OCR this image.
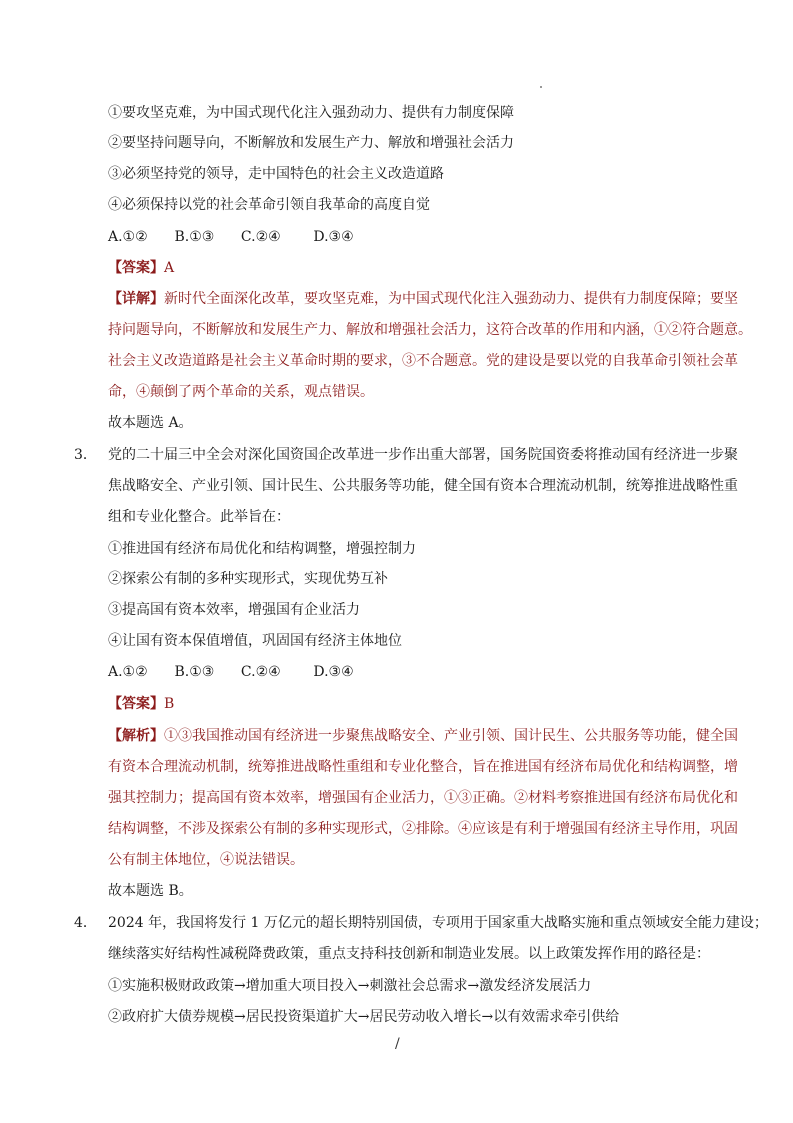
①要攻坚克难，为中国式现代化注入强劲动力、提供有力制度保障
②要坚持问题导向，不断解放和发展生产力、解放和增强社会活力
③必须坚持党的领导，走中国特色的社会主义改造道路
④必须保持以党的社会革命引领自我革命的高度自觉
A.①② B.①③ C.②④ D.③④
【答案】A
【详解】新时代全面深化改革，要攻坚克难，为中国式现代化注入强劲动力、提供有力制度保障；要坚
持问题导向，不断解放和发展生产力、解放和增强社会活力，这符合改革的作用和内涵，①②符合题意。
社会主义改造道路是社会主义革命时期的要求，③不合题意。党的建设是要以党的自我革命引领社会革
命，④颠倒了两个革命的关系，观点错误。
故本题选 A。
3． 党的二十届三中全会对深化国资国企改革进一步作出重大部署，国务院国资委将推动国有经济进一步聚
焦战略安全、产业引领、国计民生、公共服务等功能，健全国有资本合理流动机制，统筹推进战略性重
组和专业化整合。此举旨在：
①推进国有经济布局优化和结构调整，增强控制力
②探索公有制的多种实现形式，实现优势互补
③提高国有资本效率，增强国有企业活力
④让国有资本保值增值，巩固国有经济主体地位
A.①② B.①③ C.②④ D.③④
【答案】B
【解析】①③我国推动国有经济进一步聚焦战略安全、产业引领、国计民生、公共服务等功能，健全国
有资本合理流动机制，统筹推进战略性重组和专业化整合，旨在推进国有经济布局优化和结构调整，增
强其控制力；提高国有资本效率，增强国有企业活力，①③正确。②材料考察推进国有经济布局优化和
结构调整，不涉及探索公有制的多种实现形式，②排除。④应该是有利于增强国有经济主导作用，巩固
公有制主体地位，④说法错误。
故本题选 B。
4． 2024 年，我国将发行 1 万亿元的超长期特别国债，专项用于国家重大战略实施和重点领域安全能力建设；
继续落实好结构性减税降费政策，重点支持科技创新和制造业发展。以上政策发挥作用的路径是：
①实施积极财政政策→增加重大项目投入→刺激社会总需求→激发经济发展活力
②政府扩大债券规模→居民投资渠道扩大→居民劳动收入增长→以有效需求牵引供给
/
